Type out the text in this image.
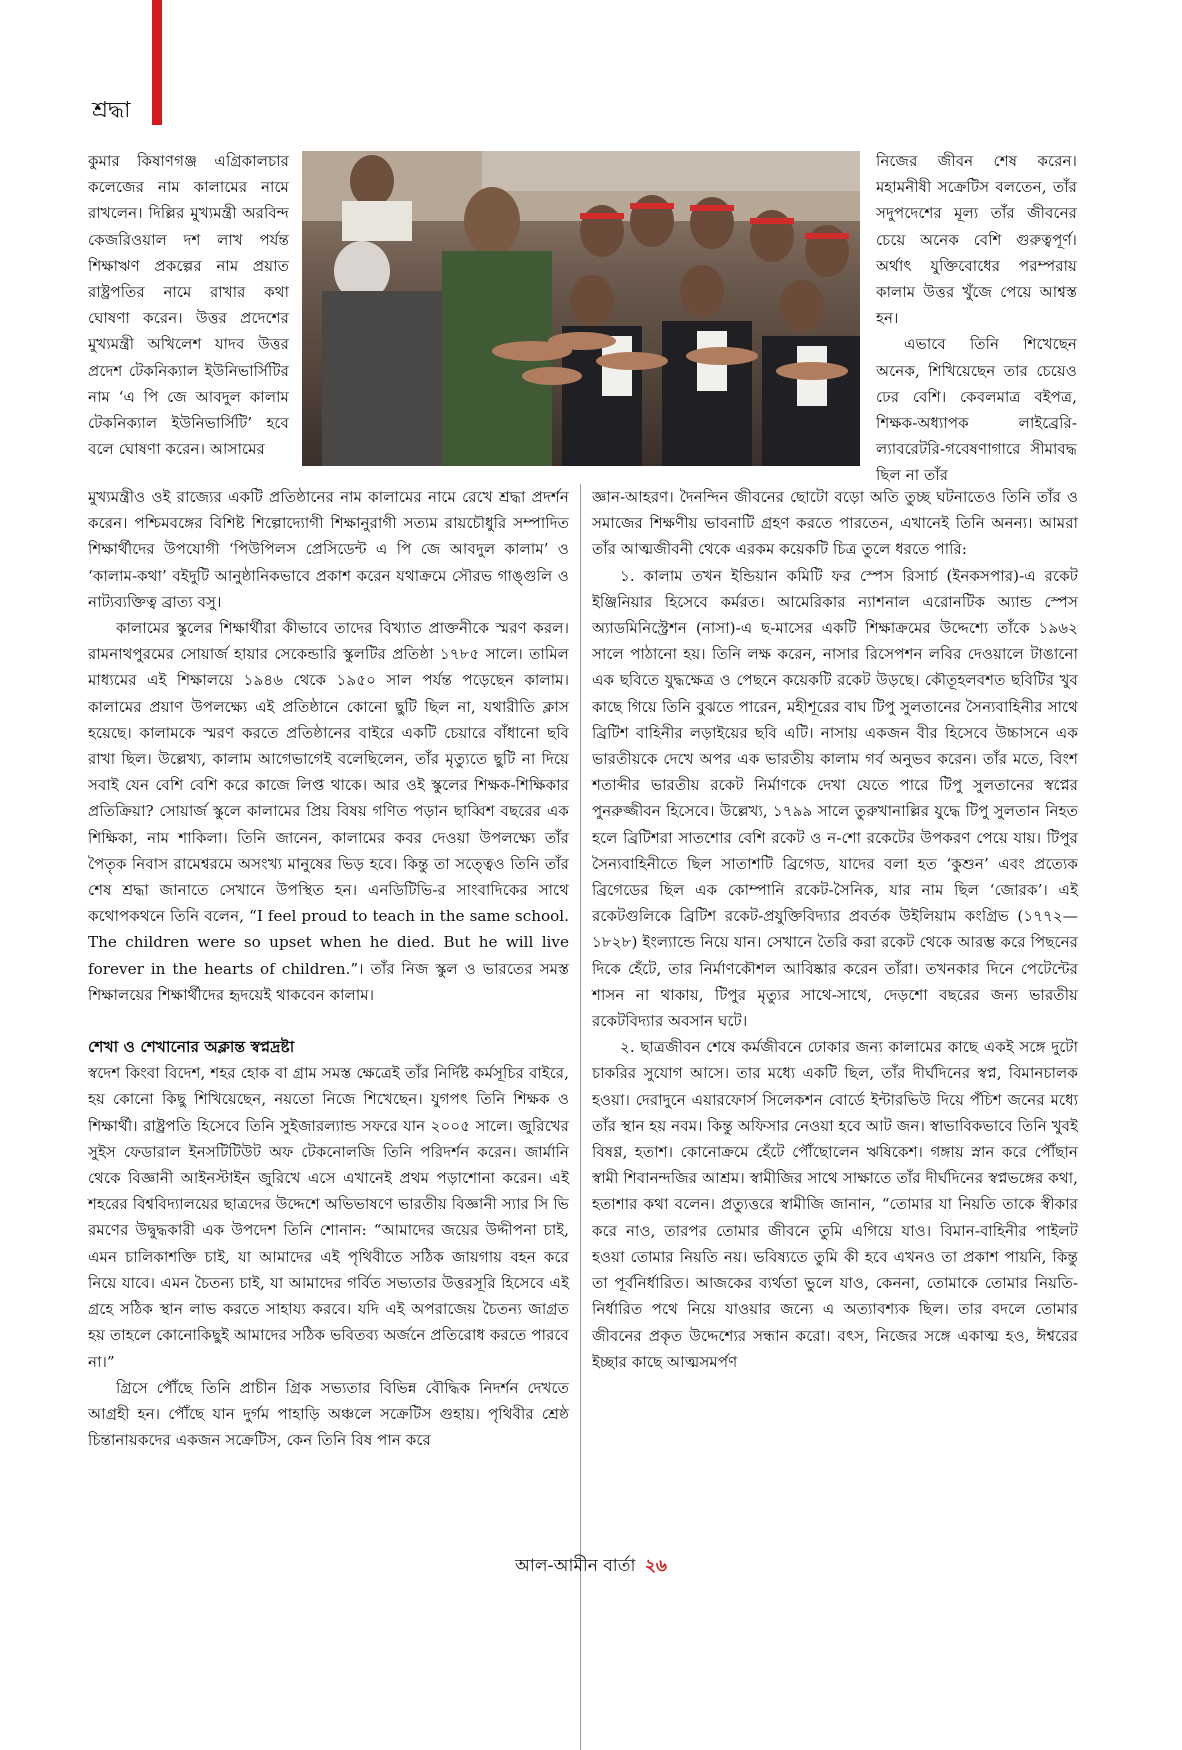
শ্রদ্ধা

কুমার কিষাণগঞ্জ এগ্রিকালচার কলেজের নাম কালামের নামে রাখলেন। দিল্লির মুখ্যমন্ত্রী অরবিন্দ কেজরিওয়াল দশ লাখ পর্যন্ত শিক্ষাঋণ প্রকল্পের নাম প্রয়াত রাষ্ট্রপতির নামে রাখার কথা ঘোষণা করেন। উত্তর প্রদেশের মুখ্যমন্ত্রী অখিলেশ যাদব উত্তর প্রদেশ টেকনিক্যাল ইউনিভার্সিটির নাম ‘এ পি জে আবদুল কালাম টেকনিক্যাল ইউনিভার্সিটি’ হবে বলে ঘোষণা করেন। আসামের

নিজের জীবন শেষ করেন। মহামনীষী সক্রেটিস বলতেন, তাঁর সদুপদেশের মূল্য তাঁর জীবনের চেয়ে অনেক বেশি গুরুত্বপূর্ণ। অর্থাৎ যুক্তিবোধের পরম্পরায় কালাম উত্তর খুঁজে পেয়ে আশ্বস্ত হন।

এভাবে তিনি শিখেছেন অনেক, শিখিয়েছেন তার চেয়েও ঢের বেশি। কেবলমাত্র বইপত্র, শিক্ষক-অধ্যাপক লাইব্রেরি-ল্যাবরেটরি-গবেষণাগারে সীমাবদ্ধ ছিল না তাঁর

মুখ্যমন্ত্রীও ওই রাজ্যের একটি প্রতিষ্ঠানের নাম কালামের নামে রেখে শ্রদ্ধা প্রদর্শন করেন। পশ্চিমবঙ্গের বিশিষ্ট শিল্পোদ্যোগী শিক্ষানুরাগী সত্যম রায়চৌধুরি সম্পাদিত শিক্ষার্থীদের উপযোগী ‘পিউপিলস প্রেসিডেন্ট এ পি জে আবদুল কালাম’ ও ‘কালাম-কথা’ বইদুটি আনুষ্ঠানিকভাবে প্রকাশ করেন যথাক্রমে সৌরভ গাঙ্গুলি ও নাট্যব্যক্তিত্ব ব্রাত্য বসু।

কালামের স্কুলের শিক্ষার্থীরা কীভাবে তাদের বিখ্যাত প্রাক্তনীকে স্মরণ করল। রামনাথপুরমের সোয়ার্জ হায়ার সেকেন্ডারি স্কুলটির প্রতিষ্ঠা ১৭৮৫ সালে। তামিল মাধ্যমের এই শিক্ষালয়ে ১৯৪৬ থেকে ১৯৫০ সাল পর্যন্ত পড়েছেন কালাম। কালামের প্রয়াণ উপলক্ষ্যে এই প্রতিষ্ঠানে কোনো ছুটি ছিল না, যথারীতি ক্লাস হয়েছে। কালামকে স্মরণ করতে প্রতিষ্ঠানের বাইরে একটি চেয়ারে বাঁধানো ছবি রাখা ছিল। উল্লেখ্য, কালাম আগেভাগেই বলেছিলেন, তাঁর মৃত্যুতে ছুটি না দিয়ে সবাই যেন বেশি বেশি করে কাজে লিপ্ত থাকে। আর ওই স্কুলের শিক্ষক-শিক্ষিকার প্রতিক্রিয়া? সোয়ার্জ স্কুলে কালামের প্রিয় বিষয় গণিত পড়ান ছাব্বিশ বছরের এক শিক্ষিকা, নাম শাকিলা। তিনি জানেন, কালামের কবর দেওয়া উপলক্ষ্যে তাঁর পৈতৃক নিবাস রামেশ্বরমে অসংখ্য মানুষের ভিড় হবে। কিন্তু তা সত্ত্বেও তিনি তাঁর শেষ শ্রদ্ধা জানাতে সেখানে উপস্থিত হন। এনডিটিভি-র সাংবাদিকের সাথে কথোপকথনে তিনি বলেন, “I feel proud to teach in the same school. The children were so upset when he died. But he will live forever in the hearts of children.”। তাঁর নিজ স্কুল ও ভারতের সমস্ত শিক্ষালয়ের শিক্ষার্থীদের হৃদয়েই থাকবেন কালাম।

শেখা ও শেখানোর অক্লান্ত স্বপ্নদ্রষ্টা

স্বদেশ কিংবা বিদেশ, শহর হোক বা গ্রাম সমস্ত ক্ষেত্রেই তাঁর নির্দিষ্ট কর্মসূচির বাইরে, হয় কোনো কিছু শিখিয়েছেন, নয়তো নিজে শিখেছেন। যুগপৎ তিনি শিক্ষক ও শিক্ষার্থী। রাষ্ট্রপতি হিসেবে তিনি সুইজারল্যান্ড সফরে যান ২০০৫ সালে। জুরিখের সুইস ফেডারাল ইনসটিটিউট অফ টেকনোলজি তিনি পরিদর্শন করেন। জার্মানি থেকে বিজ্ঞানী আইনস্টাইন জুরিখে এসে এখানেই প্রথম পড়াশোনা করেন। এই শহরের বিশ্ববিদ্যালয়ের ছাত্রদের উদ্দেশে অভিভাষণে ভারতীয় বিজ্ঞানী স্যার সি ভি রমণের উদ্বুদ্ধকারী এক উপদেশ তিনি শোনান: “আমাদের জয়ের উদ্দীপনা চাই, এমন চালিকাশক্তি চাই, যা আমাদের এই পৃথিবীতে সঠিক জায়গায় বহন করে নিয়ে যাবে। এমন চৈতন্য চাই, যা আমাদের গর্বিত সভ্যতার উত্তরসূরি হিসেবে এই গ্রহে সঠিক স্থান লাভ করতে সাহায্য করবে। যদি এই অপরাজেয় চৈতন্য জাগ্রত হয় তাহলে কোনোকিছুই আমাদের সঠিক ভবিতব্য অর্জনে প্রতিরোধ করতে পারবে না।”

গ্রিসে পৌঁছে তিনি প্রাচীন গ্রিক সভ্যতার বিভিন্ন বৌদ্ধিক নিদর্শন দেখতে আগ্রহী হন। পৌঁছে যান দুর্গম পাহাড়ি অঞ্চলে সক্রেটিস গুহায়। পৃথিবীর শ্রেষ্ঠ চিন্তানায়কদের একজন সক্রেটিস, কেন তিনি বিষ পান করে

জ্ঞান-আহরণ। দৈনন্দিন জীবনের ছোটো বড়ো অতি তুচ্ছ ঘটনাতেও তিনি তাঁর ও সমাজের শিক্ষণীয় ভাবনাটি গ্রহণ করতে পারতেন, এখানেই তিনি অনন্য। আমরা তাঁর আত্মজীবনী থেকে এরকম কয়েকটি চিত্র তুলে ধরতে পারি:

১. কালাম তখন ইন্ডিয়ান কমিটি ফর স্পেস রিসার্চ (ইনকসপার)-এ রকেট ইঞ্জিনিয়ার হিসেবে কর্মরত। আমেরিকার ন্যাশনাল এরোনটিক অ্যান্ড স্পেস অ্যাডমিনিস্ট্রেশন (নাসা)-এ ছ-মাসের একটি শিক্ষাক্রমের উদ্দেশ্যে তাঁকে ১৯৬২ সালে পাঠানো হয়। তিনি লক্ষ করেন, নাসার রিসেপশন লবির দেওয়ালে টাঙানো এক ছবিতে যুদ্ধক্ষেত্র ও পেছনে কয়েকটি রকেট উড়ছে। কৌতূহলবশত ছবিটির খুব কাছে গিয়ে তিনি বুঝতে পারেন, মহীশূরের বাঘ টিপু সুলতানের সৈন্যবাহিনীর সাথে ব্রিটিশ বাহিনীর লড়াইয়ের ছবি এটি। নাসায় একজন বীর হিসেবে উচ্চাসনে এক ভারতীয়কে দেখে অপর এক ভারতীয় কালাম গর্ব অনুভব করেন। তাঁর মতে, বিংশ শতাব্দীর ভারতীয় রকেট নির্মাণকে দেখা যেতে পারে টিপু সুলতানের স্বপ্নের পুনরুজ্জীবন হিসেবে। উল্লেখ্য, ১৭৯৯ সালে তুরুখানাল্লির যুদ্ধে টিপু সুলতান নিহত হলে ব্রিটিশরা সাতশোর বেশি রকেট ও ন-শো রকেটের উপকরণ পেয়ে যায়। টিপুর সৈন্যবাহিনীতে ছিল সাতাশটি ব্রিগেড, যাদের বলা হত ‘কুশুন’ এবং প্রত্যেক ব্রিগেডের ছিল এক কোম্পানি রকেট-সৈনিক, যার নাম ছিল ‘জোরক’। এই রকেটগুলিকে ব্রিটিশ রকেট-প্রযুক্তিবিদ্যার প্রবর্তক উইলিয়াম কংগ্রিভ (১৭৭২—১৮২৮) ইংল্যান্ডে নিয়ে যান। সেখানে তৈরি করা রকেট থেকে আরম্ভ করে পিছনের দিকে হেঁটে, তার নির্মাণকৌশল আবিষ্কার করেন তাঁরা। তখনকার দিনে পেটেন্টের শাসন না থাকায়, টিপুর মৃত্যুর সাথে-সাথে, দেড়শো বছরের জন্য ভারতীয় রকেটবিদ্যার অবসান ঘটে।

২. ছাত্রজীবন শেষে কর্মজীবনে ঢোকার জন্য কালামের কাছে একই সঙ্গে দুটো চাকরির সুযোগ আসে। তার মধ্যে একটি ছিল, তাঁর দীর্ঘদিনের স্বপ্ন, বিমানচালক হওয়া। দেরাদুনে এয়ারফোর্স সিলেকশন বোর্ডে ইন্টারভিউ দিয়ে পঁচিশ জনের মধ্যে তাঁর স্থান হয় নবম। কিন্তু অফিসার নেওয়া হবে আট জন। স্বাভাবিকভাবে তিনি খুবই বিষণ্ণ, হতাশ। কোনোক্রমে হেঁটে পৌঁছোলেন ঋষিকেশ। গঙ্গায় স্নান করে পৌঁছান স্বামী শিবানন্দজির আশ্রম। স্বামীজির সাথে সাক্ষাতে তাঁর দীর্ঘদিনের স্বপ্নভঙ্গের কথা, হতাশার কথা বলেন। প্রত্যুত্তরে স্বামীজি জানান, “তোমার যা নিয়তি তাকে স্বীকার করে নাও, তারপর তোমার জীবনে তুমি এগিয়ে যাও। বিমান-বাহিনীর পাইলট হওয়া তোমার নিয়তি নয়। ভবিষ্যতে তুমি কী হবে এখনও তা প্রকাশ পায়নি, কিন্তু তা পূর্বনির্ধারিত। আজকের ব্যর্থতা ভুলে যাও, কেননা, তোমাকে তোমার নিয়তি-নির্ধারিত পথে নিয়ে যাওয়ার জন্যে এ অত্যাবশ্যক ছিল। তার বদলে তোমার জীবনের প্রকৃত উদ্দেশ্যের সন্ধান করো। বৎস, নিজের সঙ্গে একাত্ম হও, ঈশ্বরের ইচ্ছার কাছে আত্মসমর্পণ

আল-আমীন বার্তা ২৬
